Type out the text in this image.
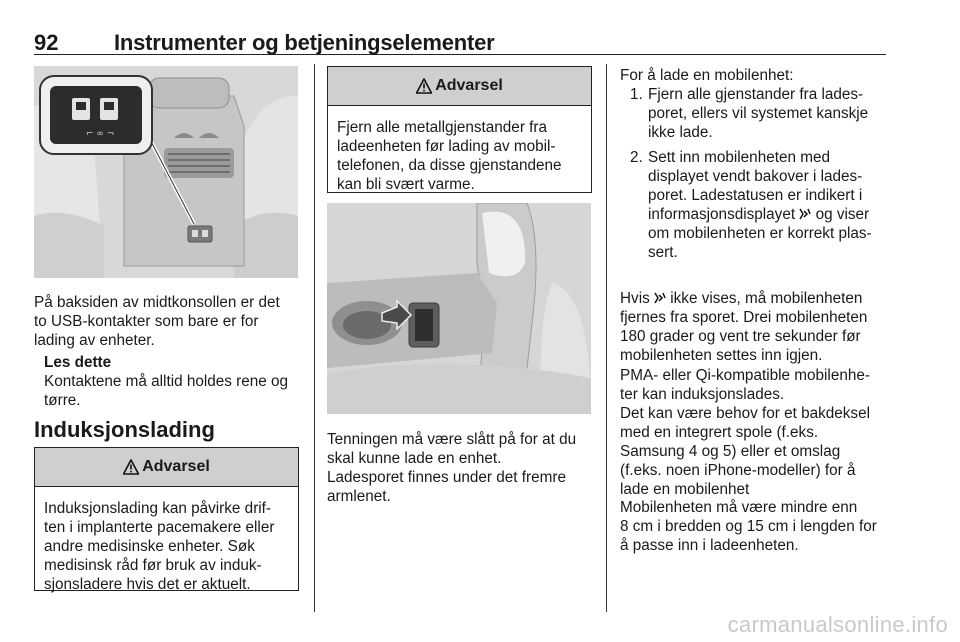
92	Instrumenter og betjeningselementer
⌐ ∞ ¬
På baksiden av midtkonsollen er det
to USB-kontakter som bare er for
lading av enheter.
Les dette
Kontaktene må alltid holdes rene og
tørre.
Induksjonslading
Advarsel
Induksjonslading kan påvirke drif-
ten i implanterte pacemakere eller
andre medisinske enheter. Søk
medisinsk råd før bruk av induk-
sjonsladere hvis det er aktuelt.
Advarsel
Fjern alle metallgjenstander fra
ladeenheten før lading av mobil-
telefonen, da disse gjenstandene
kan bli svært varme.
Tenningen må være slått på for at du
skal kunne lade en enhet.
Ladesporet finnes under det fremre
armlenet.
For å lade en mobilenhet:
1. Fjern alle gjenstander fra lades-
poret, ellers vil systemet kanskje
ikke lade.
2. Sett inn mobilenheten med
displayet vendt bakover i lades-
poret. Ladestatusen er indikert i
informasjonsdisplayet og viser
om mobilenheten er korrekt plas-
sert.
Hvis ikke vises, må mobilenheten
fjernes fra sporet. Drei mobilenheten
180 grader og vent tre sekunder før
mobilenheten settes inn igjen.
PMA- eller Qi-kompatible mobilenhe-
ter kan induksjonslades.
Det kan være behov for et bakdeksel
med en integrert spole (f.eks.
Samsung 4 og 5) eller et omslag
(f.eks. noen iPhone-modeller) for å
lade en mobilenhet
Mobilenheten må være mindre enn
8 cm i bredden og 15 cm i lengden for
å passe inn i ladeenheten.
carmanualsonline.info
